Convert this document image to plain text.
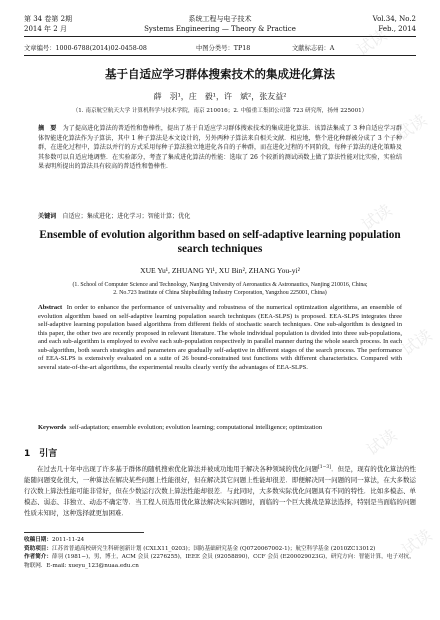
试读
试读
试读
试读
试读
试读
第 34 卷第 2期	系统工程与电子技术	Vol.34, No.2
2014 年 2 月	Systems Engineering — Theory & Practice	Feb., 2014
文章编号：1000-6788(2014)02-0458-08	中图分类号：TP18	文献标志码：A
基于自适应学习群体搜索技术的集成进化算法
薛　羽¹，庄　毅¹，许　斌²，张友益²
（1. 南京航空航天大学 计算机科学与技术学院，南京 210016；2. 中船重工集团公司第 723 研究所，扬州 225001）
摘　要　 为了提高进化算法的普适性和鲁棒性，提出了基于自适应学习群体搜索技术的集成进化算法．该算法集成了 3 种自适应学习群体智能进化算法作为子算法，其中 1 种子算法是本文设计的，另外两种子算法来自相关文献．相应地，整个进化种群被分成了 3 个子种群，在进化过程中，算法以并行的方式采用每种子算法独立地进化各自的子种群，而在进化过程的不同阶段，每种子算法的进化策略及其参数可以自适应地调整．在实验部分，考查了集成进化算法的性能：选取了 26 个较新的测试函数上做了算法性能对比实验，实验结果表明所提出的算法具有较高的普适性和鲁棒性．
关键词　 自适应；集成进化；进化学习；智能计算；优化
Ensemble of evolution algorithm based on self-adaptive learning population search techniques
XUE Yu¹, ZHUANG Yi¹, XU Bin², ZHANG You-yi²
(1. School of Computer Science and Technology, Nanjing University of Aeronautics & Astronautics, Nanjing 210016, China;
2. No.723 Institute of China Shipbuilding Industry Corporation, Yangzhou 225001, China)
Abstract In order to enhance the performance of universality and robustness of the numerical optimization algorithms, an ensemble of evolution algorithm based on self-adaptive learning population search techniques (EEA-SLPS) is proposed. EEA-SLPS integrates three self-adaptive learning population based algorithms from different fields of stochastic search techniques. One sub-algorithm is designed in this paper, the other two are recently proposed in relevant literature. The whole individual population is divided into three sub-populations, and each sub-algorithm is employed to evolve each sub-population respectively in parallel manner during the whole search process. In each sub-algorithm, both search strategies and parameters are gradually self-adaptive in different stages of the search process. The performance of EEA-SLPS is extensively evaluated on a suite of 26 bound-constrained test functions with different characteristics. Compared with several state-of-the-art algorithms, the experimental results clearly verify the advantages of EEA-SLPS.
Keywords self-adaptation; ensemble evolution; evolution learning; computational intelligence; optimization
1　引言
在过去几十年中出现了许多基于群体的随机搜索优化算法并被成功地用于解决各种领域的优化问题[1−3]．但是，现有的优化算法的性能随问题变化很大，一种算法在解决某些问题上性能很好，但在解决其它问题上性能却很差．即便解决同一问题的同一算法，在大多数运行次数上算法性能可能非常好，但在少数运行次数上算法性能却很差．与此同时，大多数实际优化问题具有不同的特性．比如多模态、单模态、弱态、非独立、动态不确定等．当工程人员选用优化算法解决实际问题时，面临的一个巨大挑战是算法选择，特别是当面临的问题性质未知时，这种选择就更加困难．
收稿日期：2011-11-24
资助项目：江苏省普通高校研究生科研创新计划 (CXLX11_0203)；国防基础研究基金 (Q0720067002-1)；航空科学基金 (2010ZC13012)
作者简介：薛羽 (1981−)，男，博士，ACM 会员 (2276255)，IEEE 会员 (92058890)，CCF 会员 (E200029023G)，研究方向：智能计算，电子对抗，物联网．E-mail: xueyu_123@nuaa.edu.cn
